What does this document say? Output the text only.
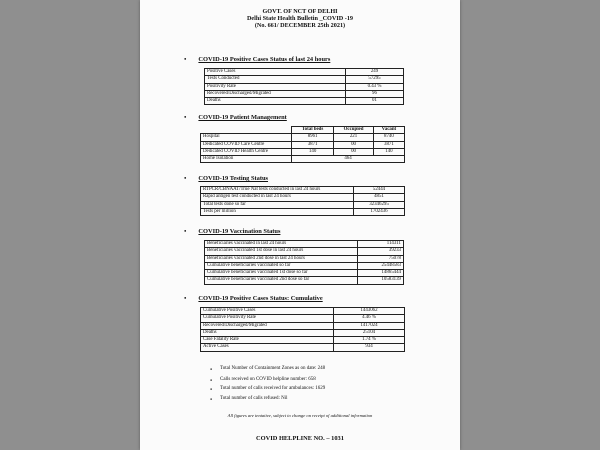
GOVT. OF NCT OF DELHI
Delhi State Health Bulletin _COVID -19
(No. 661/ DECEMBER 25th 2021)
● COVID-19 Positive Cases Status of last 24 hours
Positive Cases	249
Tests Conducted	57295
Positivity Rate	0.43 %
Recovered/Discharged/Migrated	96
Deaths	01
● COVID-19 Patient Management
	Total beds	Occupied	Vacant
Hospital	8961	221	8740
Dedicated COVID Care Centre	3871	00	3871
Dedicated COVID Health Centre	140	00	140
Home Isolation	464		
● COVID-19 Testing Status
RTPCR/CBNAAT/True Nat tests conducted in last 24 hours	52444
Rapid antigen test conducted in last 24 hours	4851
Total tests done so far	32346295
Tests per million	1702436
● COVID-19 Vaccination Status
Beneficiaries vaccinated in last 24 hours	114311
Beneficiaries vaccinated 1st dose in last 24 hours	39233
Beneficiaries vaccinated 2nd dose in last 24 hours	75078
Cumulative beneficiaries vaccinated so far	25448583
Cumulative beneficiaries vaccinated 1st dose so far	14865444
Cumulative beneficiaries vaccinated 2nd dose so far	10583139
● COVID-19 Positive Cases Status: Cumulative
Cumulative Positive Cases	1443062
Cumulative Positivity Rate	4.46 %
Recovered/Discharged/Migrated	1417024
Deaths	25104
Case Fatality Rate	1.74 %
Active Cases	934
● Total Number of Containment Zones as on date: 248
● Calls received on COVID helpline number: 658
● Total number of calls received for ambulances: 1629
● Total number of calls refused: Nil
All figures are tentative, subject to change on receipt of additional information
COVID HELPLINE NO. – 1031
